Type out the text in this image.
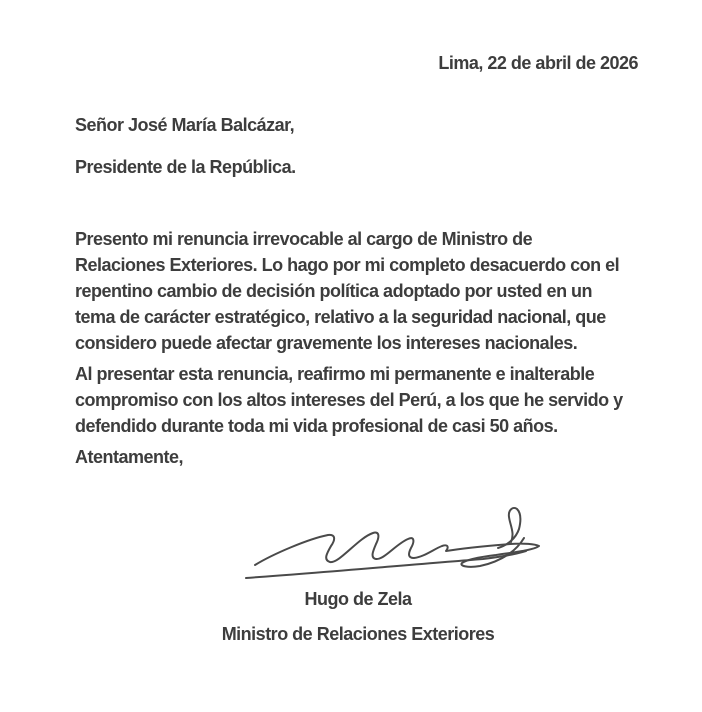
Lima, 22 de abril de 2026
Señor José María Balcázar,
Presidente de la República.
Presento mi renuncia irrevocable al cargo de Ministro de
Relaciones Exteriores. Lo hago por mi completo desacuerdo con el
repentino cambio de decisión política adoptado por usted en un
tema de carácter estratégico, relativo a la seguridad nacional, que
considero puede afectar gravemente los intereses nacionales.
Al presentar esta renuncia, reafirmo mi permanente e inalterable
compromiso con los altos intereses del Perú, a los que he servido y
defendido durante toda mi vida profesional de casi 50 años.
Atentamente,
Hugo de Zela
Ministro de Relaciones Exteriores
